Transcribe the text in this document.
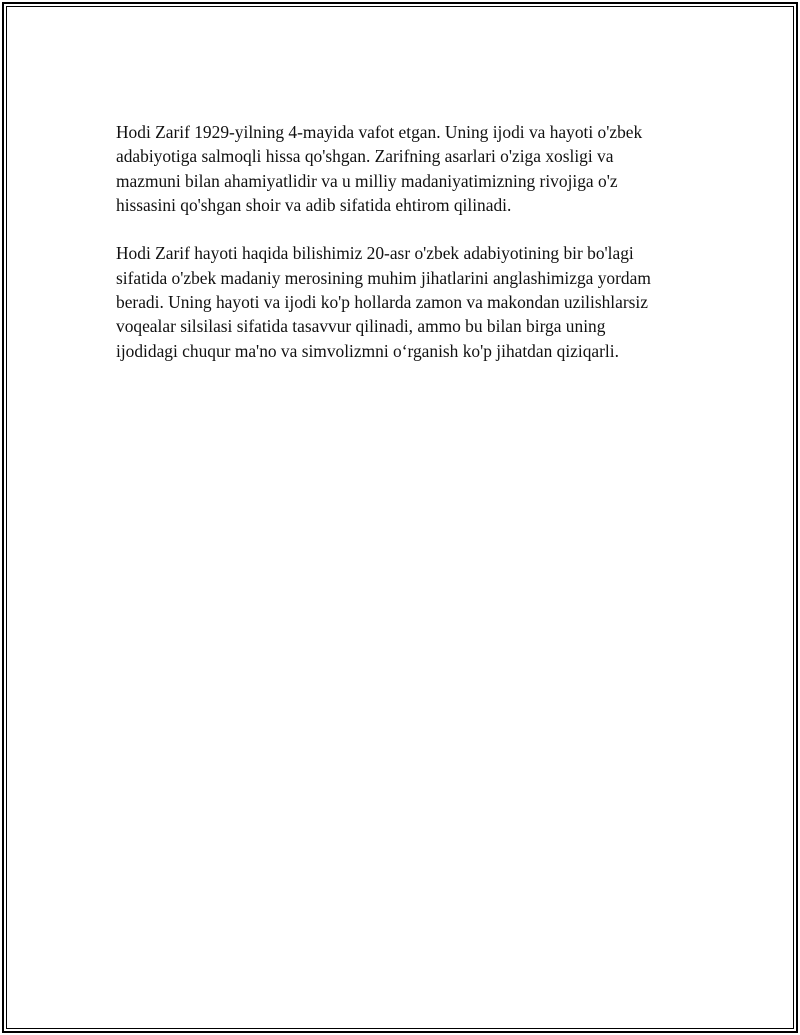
Hodi Zarif 1929-yilning 4-mayida vafot etgan. Uning ijodi va hayoti o'zbek
adabiyotiga salmoqli hissa qo'shgan. Zarifning asarlari o'ziga xosligi va
mazmuni bilan ahamiyatlidir va u milliy madaniyatimizning rivojiga o'z
hissasini qo'shgan shoir va adib sifatida ehtirom qilinadi.

Hodi Zarif hayoti haqida bilishimiz 20-asr o'zbek adabiyotining bir bo'lagi
sifatida o'zbek madaniy merosining muhim jihatlarini anglashimizga yordam
beradi. Uning hayoti va ijodi ko'p hollarda zamon va makondan uzilishlarsiz
voqealar silsilasi sifatida tasavvur qilinadi, ammo bu bilan birga uning
ijodidagi chuqur ma'no va simvolizmni o‘rganish ko'p jihatdan qiziqarli.
